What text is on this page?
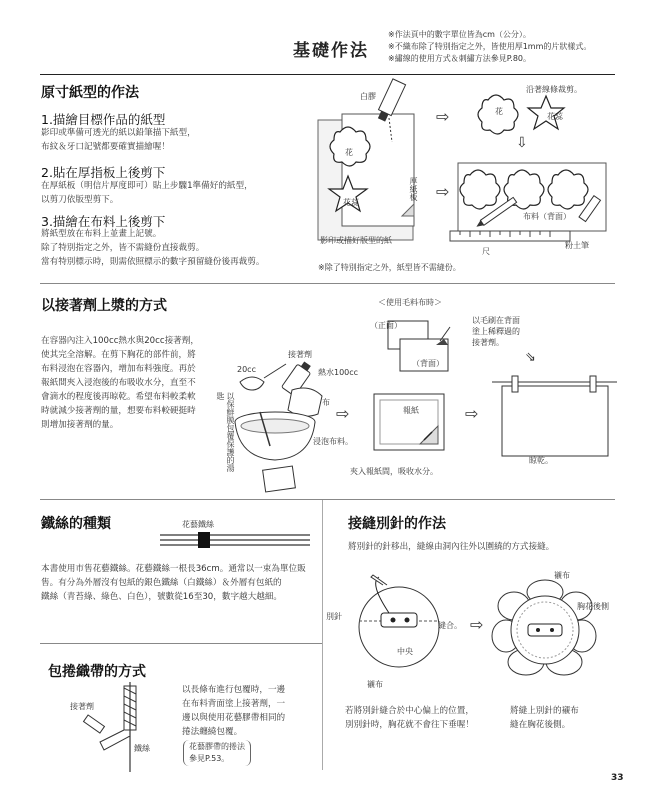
基礎作法
※作法頁中的數字單位皆為cm（公分）。
※不織布除了特別指定之外，皆使用厚1mm的片狀樣式。
※繡線的使用方式＆刺繡方法參見P.80。
原寸紙型的作法
1.描繪目標作品的紙型
影印或準備可透光的紙以鉛筆描下紙型，
布紋＆牙口記號都要確實描繪喔！
2.貼在厚指板上後剪下
在厚紙板（明信片厚度即可）貼上步驟1準備好的紙型，
以剪刀依版型剪下。
3.描繪在布料上後剪下
將紙型放在布料上並畫上記號。
除了特別指定之外，皆不需縫份直接裁剪。
當有特別標示時，則需依照標示的數字預留縫份後再裁剪。
白膠
花
花蕊
厚紙板
影印或描好版型的紙
⇨
⇩
⇨
花
花蕊
沿著線條裁剪。
布料（背面）
粉土筆
尺
※除了特別指定之外，紙型皆不需縫份。
以接著劑上漿的方式
在容器內注入100cc熱水與20cc接著劑，
使其完全溶解。在剪下胸花的部件前，將
布料浸泡在容器內，增加布料強度。再於
報紙間夾入浸泡後的布吸收水分，直至不
會滴水的程度後再晾乾。希望布料較柔軟
時就減少接著劑的量，想要布料較硬挺時
則增加接著劑的量。
接著劑
20cc	熱水100cc
布
浸泡布料。
以保鮮膜包覆保護的湯匙
＜使用毛料布時＞
（正面）
（背面）
以毛刷在背面
塗上稀釋過的
接著劑。
⇘
報紙
夾入報紙間，吸收水分。
⇨	⇨
晾乾。
鐵絲的種類	花藝鐵絲
本書使用市售花藝鐵絲。花藝鐵絲一根長36cm。通常以一束為單位販
售。有分為外層沒有包紙的銀色鐵絲（白鐵絲）＆外層有包紙的
鐵絲（青苔綠、綠色、白色），號數從16至30，數字越大越細。
包捲織帶的方式
接著劑
鐵絲
以長條布進行包覆時，一邊
在布料背面塗上接著劑，一
邊以與使用花藝膠帶相同的
捲法纏繞包覆。
花藝膠帶的捲法
參見P.53。
接縫別針的作法
將別針的針移出，縫線由洞內往外以圍繞的方式接縫。
別針
縫合。
中央
襯布
⇨
襯布
胸花後側
若將別針縫合於中心偏上的位置，
別別針時，胸花就不會往下垂喔！
將縫上別針的襯布
縫在胸花後側。
33
